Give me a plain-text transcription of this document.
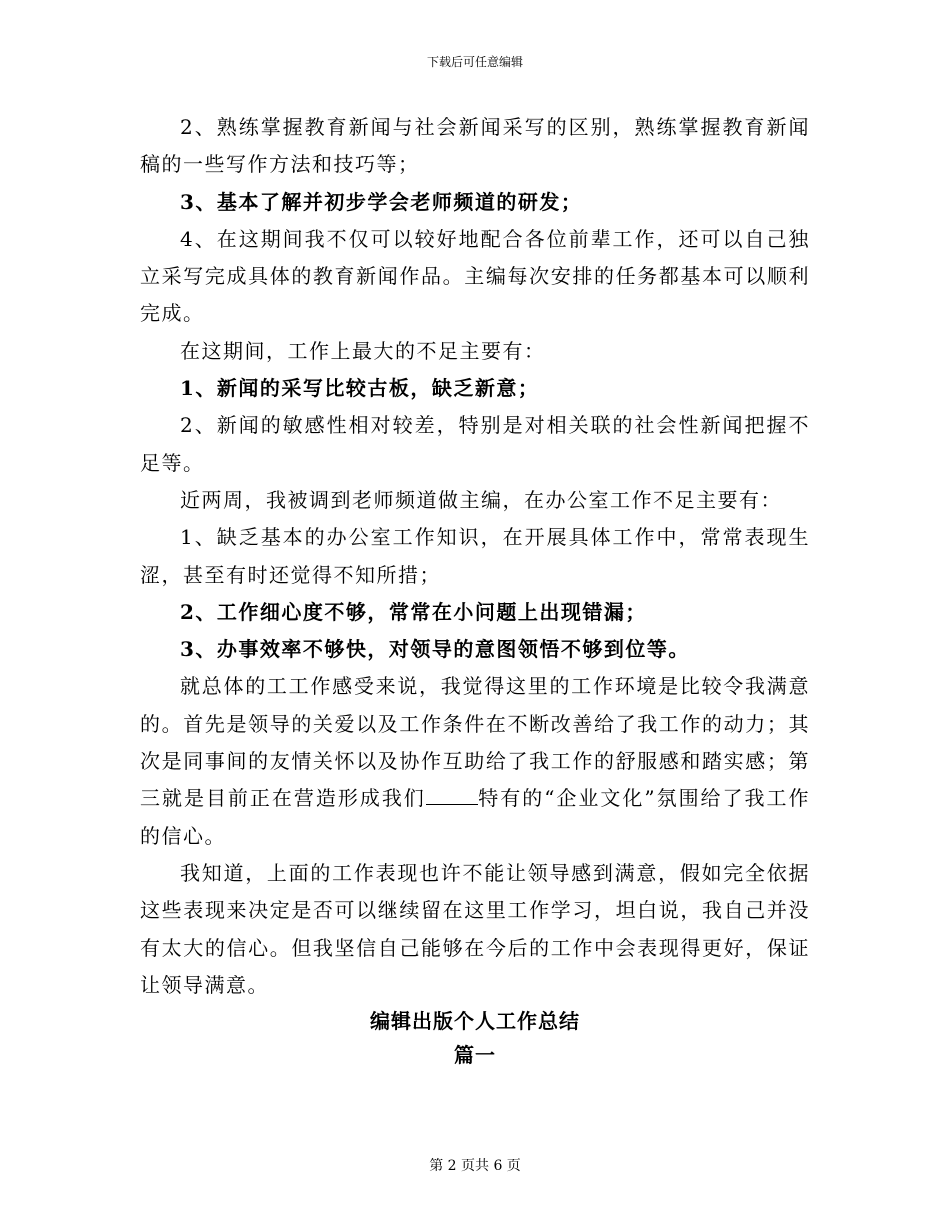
下载后可任意编辑

2、熟练掌握教育新闻与社会新闻采写的区别，熟练掌握教育新闻稿的一些写作方法和技巧等；

3、基本了解并初步学会老师频道的研发；

4、在这期间我不仅可以较好地配合各位前辈工作，还可以自己独立采写完成具体的教育新闻作品。主编每次安排的任务都基本可以顺利完成。

在这期间，工作上最大的不足主要有：

1、新闻的采写比较古板，缺乏新意；

2、新闻的敏感性相对较差，特别是对相关联的社会性新闻把握不足等。

近两周，我被调到老师频道做主编，在办公室工作不足主要有：

1、缺乏基本的办公室工作知识，在开展具体工作中，常常表现生涩，甚至有时还觉得不知所措；

2、工作细心度不够，常常在小问题上出现错漏；

3、办事效率不够快，对领导的意图领悟不够到位等。

就总体的工工作感受来说，我觉得这里的工作环境是比较令我满意的。首先是领导的关爱以及工作条件在不断改善给了我工作的动力；其次是同事间的友情关怀以及协作互助给了我工作的舒服感和踏实感；第三就是目前正在营造形成我们	特有的“企业文化”氛围给了我工作的信心。

我知道，上面的工作表现也许不能让领导感到满意，假如完全依据这些表现来决定是否可以继续留在这里工作学习，坦白说，我自己并没有太大的信心。但我坚信自己能够在今后的工作中会表现得更好，保证让领导满意。

编辑出版个人工作总结
篇一
第 2 页共 6 页
